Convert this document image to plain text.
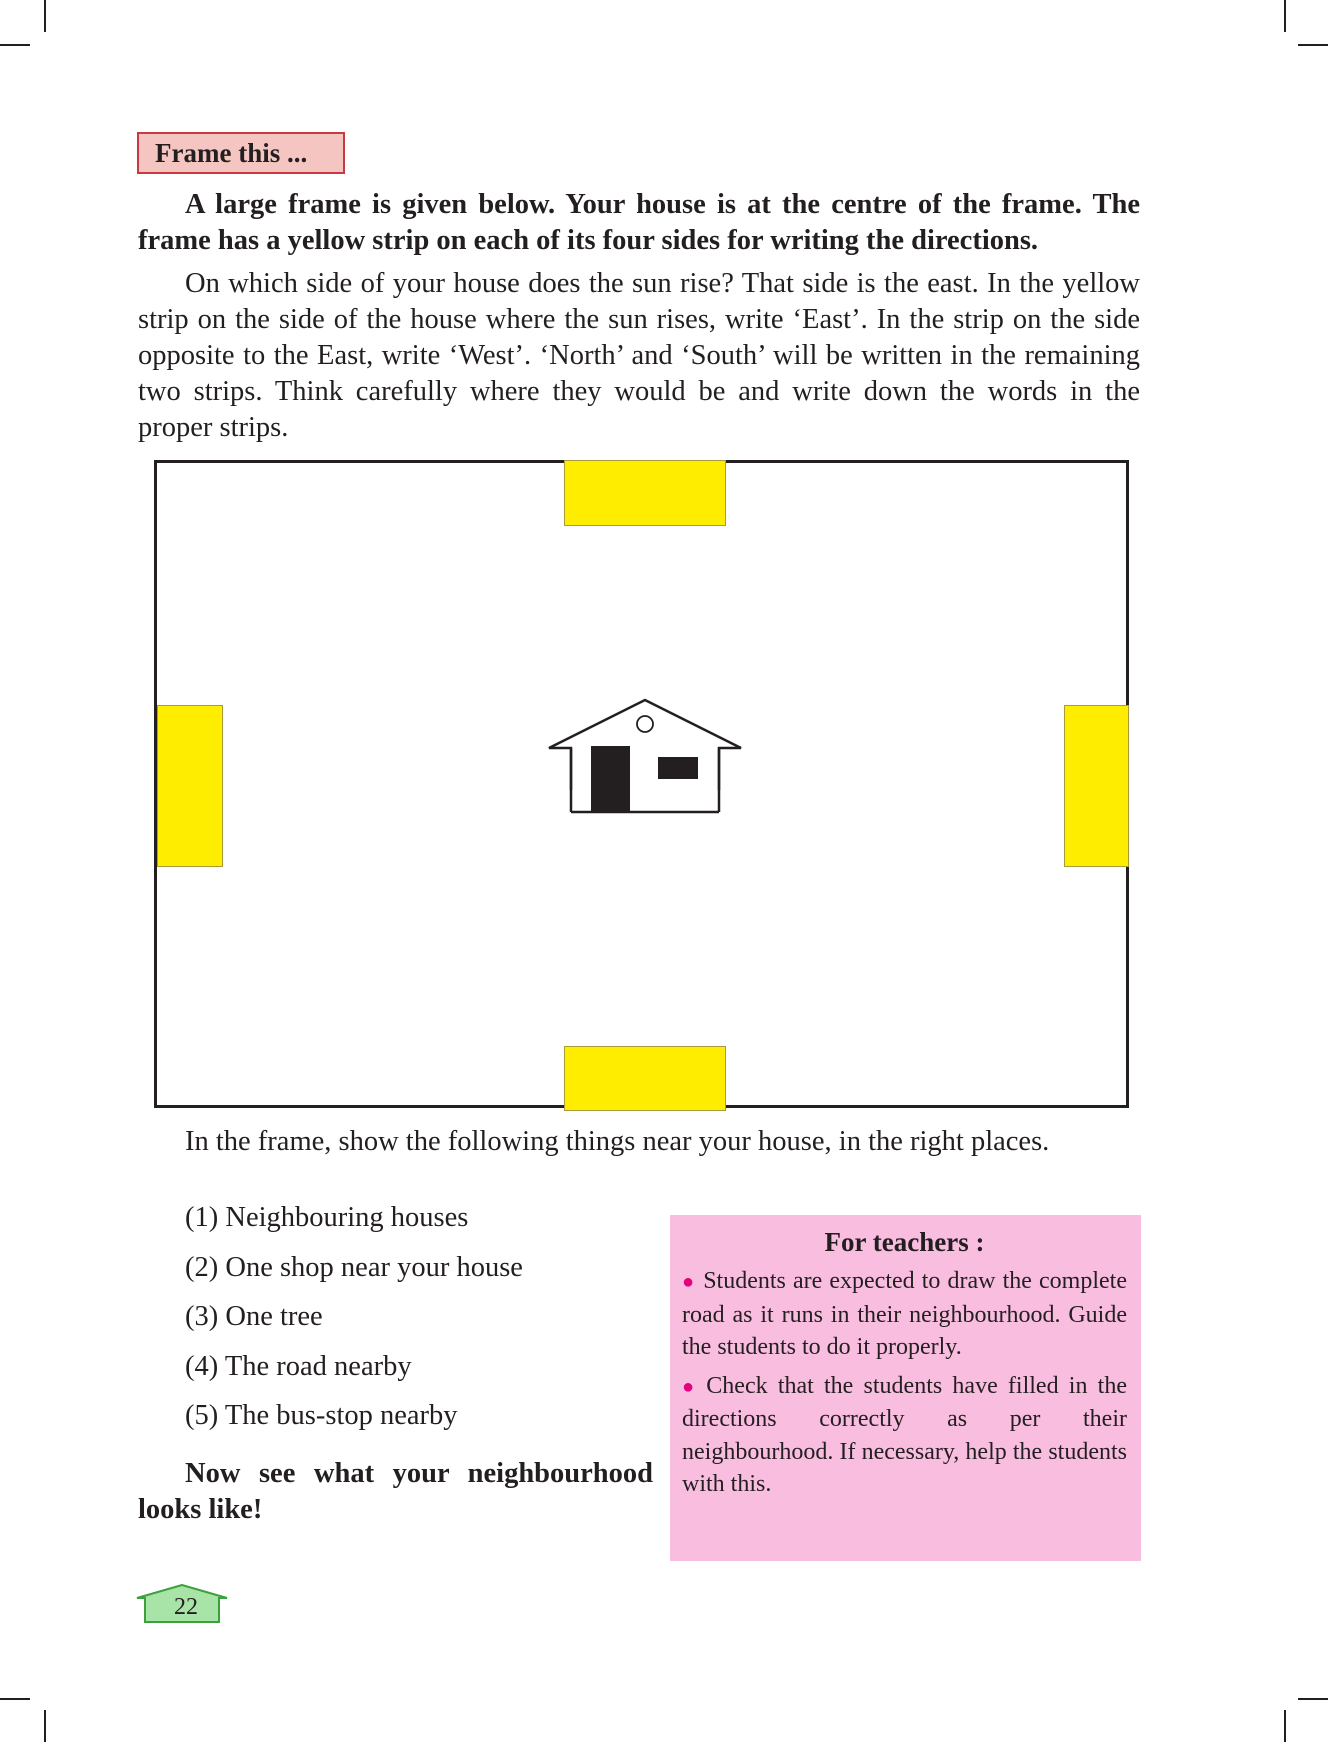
Frame this ...

A large frame is given below. Your house is at the centre of the frame. The frame has a yellow strip on each of its four sides for writing the directions.

On which side of your house does the sun rise? That side is the east. In the yellow strip on the side of the house where the sun rises, write ‘East’. In the strip on the side opposite to the East, write ‘West’. ‘North’ and ‘South’ will be written in the remaining two strips. Think carefully where they would be and write down the words in the proper strips.

In the frame, show the following things near your house, in the right places.

(1) Neighbouring houses
(2) One shop near your house
(3) One tree
(4) The road nearby
(5) The bus-stop nearby

Now see what your neighbourhood looks like!

For teachers :

● Students are expected to draw the complete road as it runs in their neighbourhood. Guide the students to do it properly.

● Check that the students have filled in the directions correctly as per their neighbourhood. If necessary, help the students with this.

22
